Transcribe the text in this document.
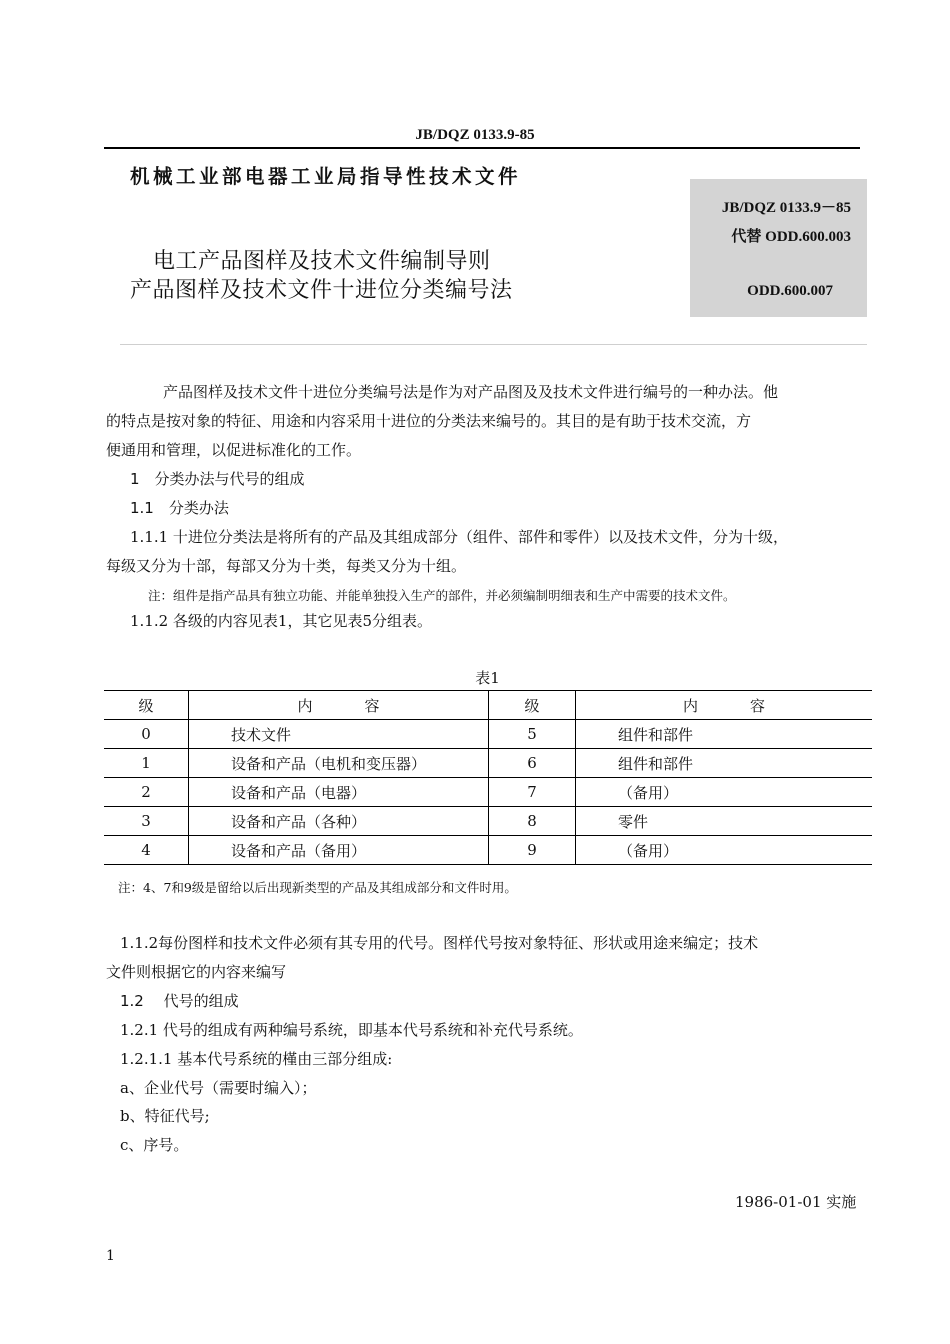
JB/DQZ 0133.9-85
机械工业部电器工业局指导性技术文件
JB/DQZ 0133.9－85
代替 ODD.600.003
ODD.600.007
电工产品图样及技术文件编制导则
产品图样及技术文件十进位分类编号法
产品图样及技术文件十进位分类编号法是作为对产品图及及技术文件进行编号的一种办法。他
的特点是按对象的特征、用途和内容采用十进位的分类法来编号的。其目的是有助于技术交流，方
便通用和管理，以促进标准化的工作。
1　分类办法与代号的组成
1.1　分类办法
1.1.1 十进位分类法是将所有的产品及其组成部分（组件、部件和零件）以及技术文件，分为十级，
每级又分为十部，每部又分为十类，每类又分为十组。
注：组件是指产品具有独立功能、并能单独投入生产的部件，并必须编制明细表和生产中需要的技术文件。
1.1.2 各级的内容见表1，其它见表5分组表。
表1
级	内容	级	内容
0	技术文件	5	组件和部件
1	设备和产品（电机和变压器）	6	组件和部件
2	设备和产品（电器）	7	（备用）
3	设备和产品（各种）	8	零件
4	设备和产品（备用）	9	（备用）
注：4、7和9级是留给以后出现新类型的产品及其组成部分和文件时用。
1.1.2每份图样和技术文件必须有其专用的代号。图样代号按对象特征、形状或用途来编定；技术
文件则根据它的内容来编写
1.2　 代号的组成
1.2.1 代号的组成有两种编号系统，即基本代号系统和补充代号系统。
1.2.1.1 基本代号系统的槿由三部分组成:
a、企业代号（需要时编入）；
b、特征代号;
c、序号。
1986-01-01 实施
1
